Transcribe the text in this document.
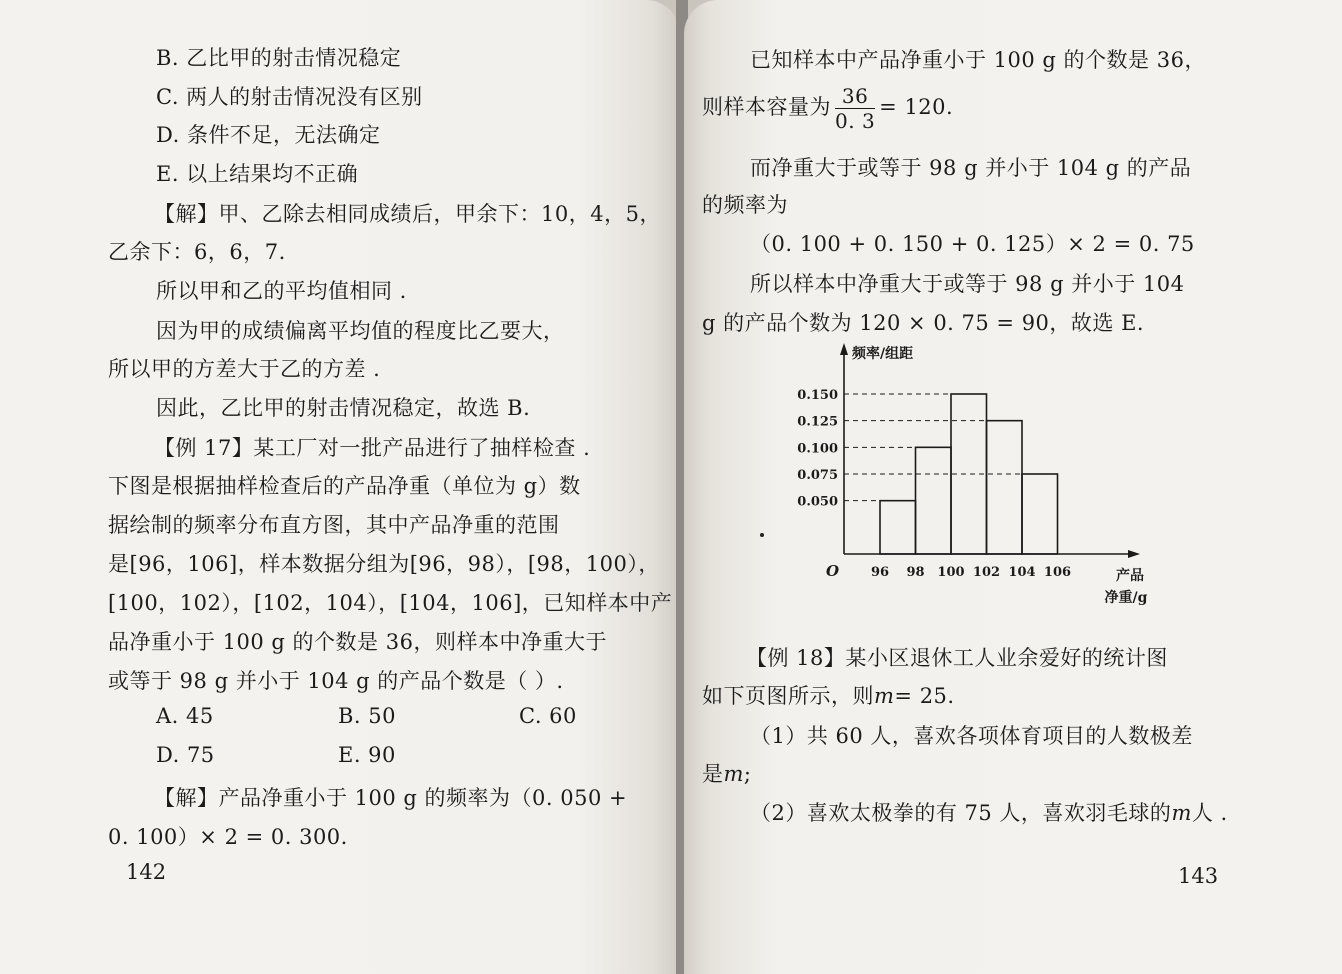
B. 乙比甲的射击情况稳定
C. 两人的射击情况没有区别
D. 条件不足，无法确定
E. 以上结果均不正确
【解】甲、乙除去相同成绩后，甲余下：10，4，5，
乙余下：6，6，7.
所以甲和乙的平均值相同 .
因为甲的成绩偏离平均值的程度比乙要大，
所以甲的方差大于乙的方差 .
因此，乙比甲的射击情况稳定，故选 B.
【例 17】某工厂对一批产品进行了抽样检查 .
下图是根据抽样检查后的产品净重（单位为 g）数
据绘制的频率分布直方图，其中产品净重的范围
是[96，106]，样本数据分组为[96，98），[98，100），
[100，102），[102，104），[104，106]，已知样本中产
品净重小于 100 g 的个数是 36，则样本中净重大于
或等于 98 g 并小于 104 g 的产品个数是（ ）.
A. 45	B. 50	C. 60
D. 75	E. 90
【解】产品净重小于 100 g 的频率为（0. 050 +
0. 100）× 2 = 0. 300.
142
已知样本中产品净重小于 100 g 的个数是 36，
则样本容量为 $\frac{36}{0. 3} = 120$.
而净重大于或等于 98 g 并小于 104 g 的产品
的频率为
（0. 100 + 0. 150 + 0. 125）× 2 = 0. 75
所以样本中净重大于或等于 98 g 并小于 104
g 的产品个数为 120 × 0. 75 = 90，故选 E.
0.050
0.075
0.100
0.125
0.150
96 98 100 102 104 106
O
频率/组距
产品
净重/g
【例 18】某小区退休工人业余爱好的统计图
如下页图所示，则m= 25.
（1）共 60 人，喜欢各项体育项目的人数极差
是m;
（2）喜欢太极拳的有 75 人，喜欢羽毛球的m人 .
143
